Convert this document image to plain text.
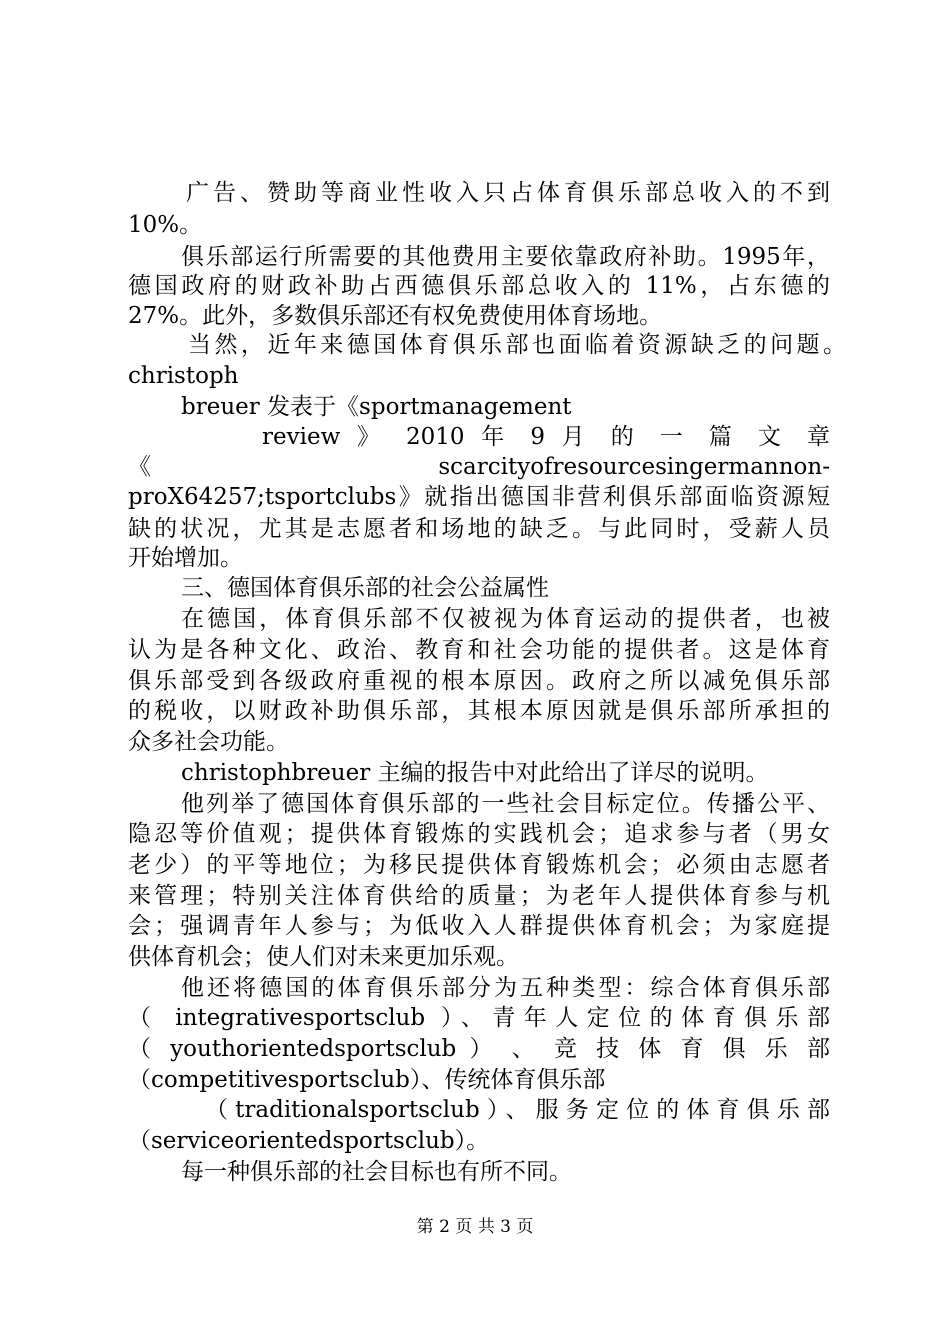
广告、赞助等商业性收入只占体育俱乐部总收入的不到
10%。
俱乐部运行所需要的其他费用主要依靠政府补助。1995年，
德国政府的财政补助占西德俱乐部总收入的 11%，占东德的
27%。此外，多数俱乐部还有权免费使用体育场地。
当然，近年来德国体育俱乐部也面临着资源缺乏的问题。
christoph
breuer 发表于《sportmanagement
review 》 2010 年 9 月 的 一 篇 文 章
《 scarcityofresourcesingermannon-
proX64257;tsportclubs》就指出德国非营利俱乐部面临资源短
缺的状况，尤其是志愿者和场地的缺乏。与此同时，受薪人员
开始增加。
三、德国体育俱乐部的社会公益属性
在德国，体育俱乐部不仅被视为体育运动的提供者，也被
认为是各种文化、政治、教育和社会功能的提供者。这是体育
俱乐部受到各级政府重视的根本原因。政府之所以减免俱乐部
的税收，以财政补助俱乐部，其根本原因就是俱乐部所承担的
众多社会功能。
christophbreuer 主编的报告中对此给出了详尽的说明。
他列举了德国体育俱乐部的一些社会目标定位。传播公平、
隐忍等价值观；提供体育锻炼的实践机会；追求参与者（男女
老少）的平等地位；为移民提供体育锻炼机会；必须由志愿者
来管理；特别关注体育供给的质量；为老年人提供体育参与机
会；强调青年人参与；为低收入人群提供体育机会；为家庭提
供体育机会；使人们对未来更加乐观。
他还将德国的体育俱乐部分为五种类型：综合体育俱乐部
（ integrativesportsclub ）、青年人定位的体育俱乐部
（ youthorientedsportsclub ） 、 竞 技 体 育 俱 乐 部
（competitivesportsclub）、传统体育俱乐部
（traditionalsportsclub）、服务定位的体育俱乐部
（serviceorientedsportsclub）。
每一种俱乐部的社会目标也有所不同。
第 2 页 共 3 页
